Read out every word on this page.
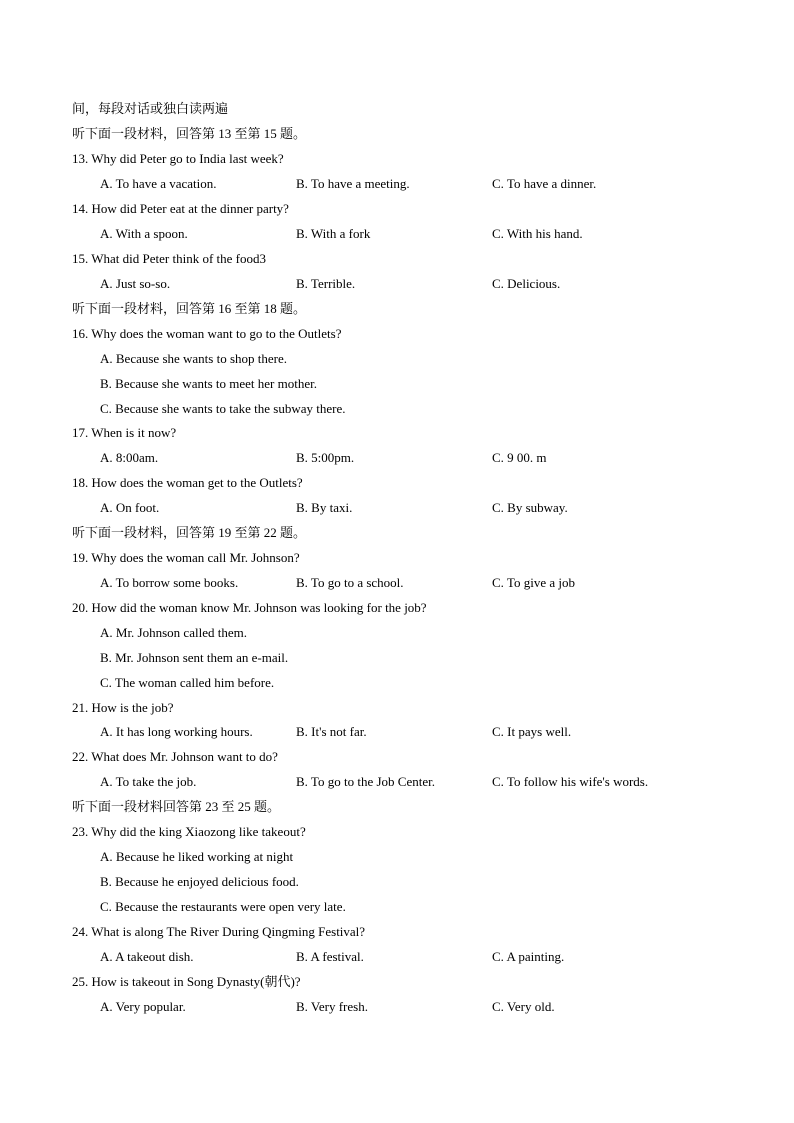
间，每段对话或独白读两遍
听下面一段材料，回答第 13 至第 15 题。
13. Why did Peter go to India last week?
A. To have a vacation.	B. To have a meeting.	C. To have a dinner.
14. How did Peter eat at the dinner party?
A. With a spoon.	B. With a fork	C. With his hand.
15. What did Peter think of the food3
A. Just so-so.	B. Terrible.	C. Delicious.
听下面一段材料，回答第 16 至第 18 题。
16. Why does the woman want to go to the Outlets?
A. Because she wants to shop there.
B. Because she wants to meet her mother.
C. Because she wants to take the subway there.
17. When is it now?
A. 8:00am.	B. 5:00pm.	C. 9 00. m
18. How does the woman get to the Outlets?
A. On foot.	B. By taxi.	C. By subway.
听下面一段材料，回答第 19 至第 22 题。
19. Why does the woman call Mr. Johnson?
A. To borrow some books.	B. To go to a school.	C. To give a job
20. How did the woman know Mr. Johnson was looking for the job?
A. Mr. Johnson called them.
B. Mr. Johnson sent them an e-mail.
C. The woman called him before.
21. How is the job?
A. It has long working hours.	B. It's not far.	C. It pays well.
22. What does Mr. Johnson want to do?
A. To take the job.	B. To go to the Job Center.	C. To follow his wife's words.
听下面一段材料回答第 23 至 25 题。
23. Why did the king Xiaozong like takeout?
A. Because he liked working at night
B. Because he enjoyed delicious food.
C. Because the restaurants were open very late.
24. What is along The River During Qingming Festival?
A. A takeout dish.	B. A festival.	C. A painting.
25. How is takeout in Song Dynasty(朝代)?
A. Very popular.	B. Very fresh.	C. Very old.
